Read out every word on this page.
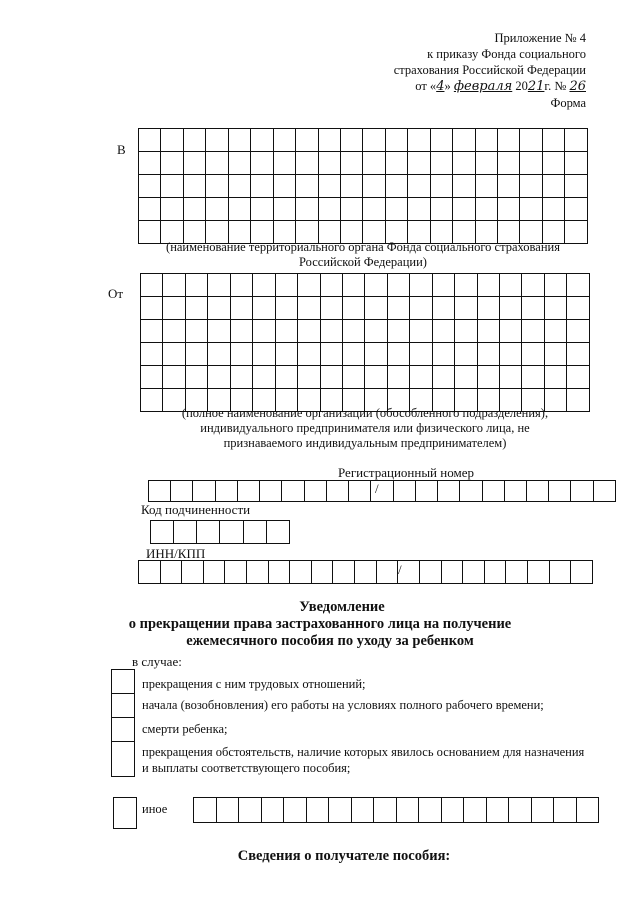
Приложение № 4
к приказу Фонда социального
страхования Российской Федерации
от «4» февраля 2021г. № 26
Форма
В

(наименование территориального органа Фонда социального страхования
Российской Федерации)
От

(полное наименование организации (обособленного подразделения),
индивидуального предпринимателя или физического лица, не
признаваемого индивидуальным предпринимателем)
Регистрационный номер

/
Код подчиненности

ИНН/КПП

/
Уведомление
о прекращении права застрахованного лица на получение
ежемесячного пособия по уходу за ребенком
в случае:
прекращения с ним трудовых отношений;
начала (возобновления) его работы на условиях полного рабочего времени;
смерти ребенка;
прекращения обстоятельств, наличие которых явилось основанием для назначения
и выплаты соответствующего пособия;
иное

Сведения о получателе пособия:
